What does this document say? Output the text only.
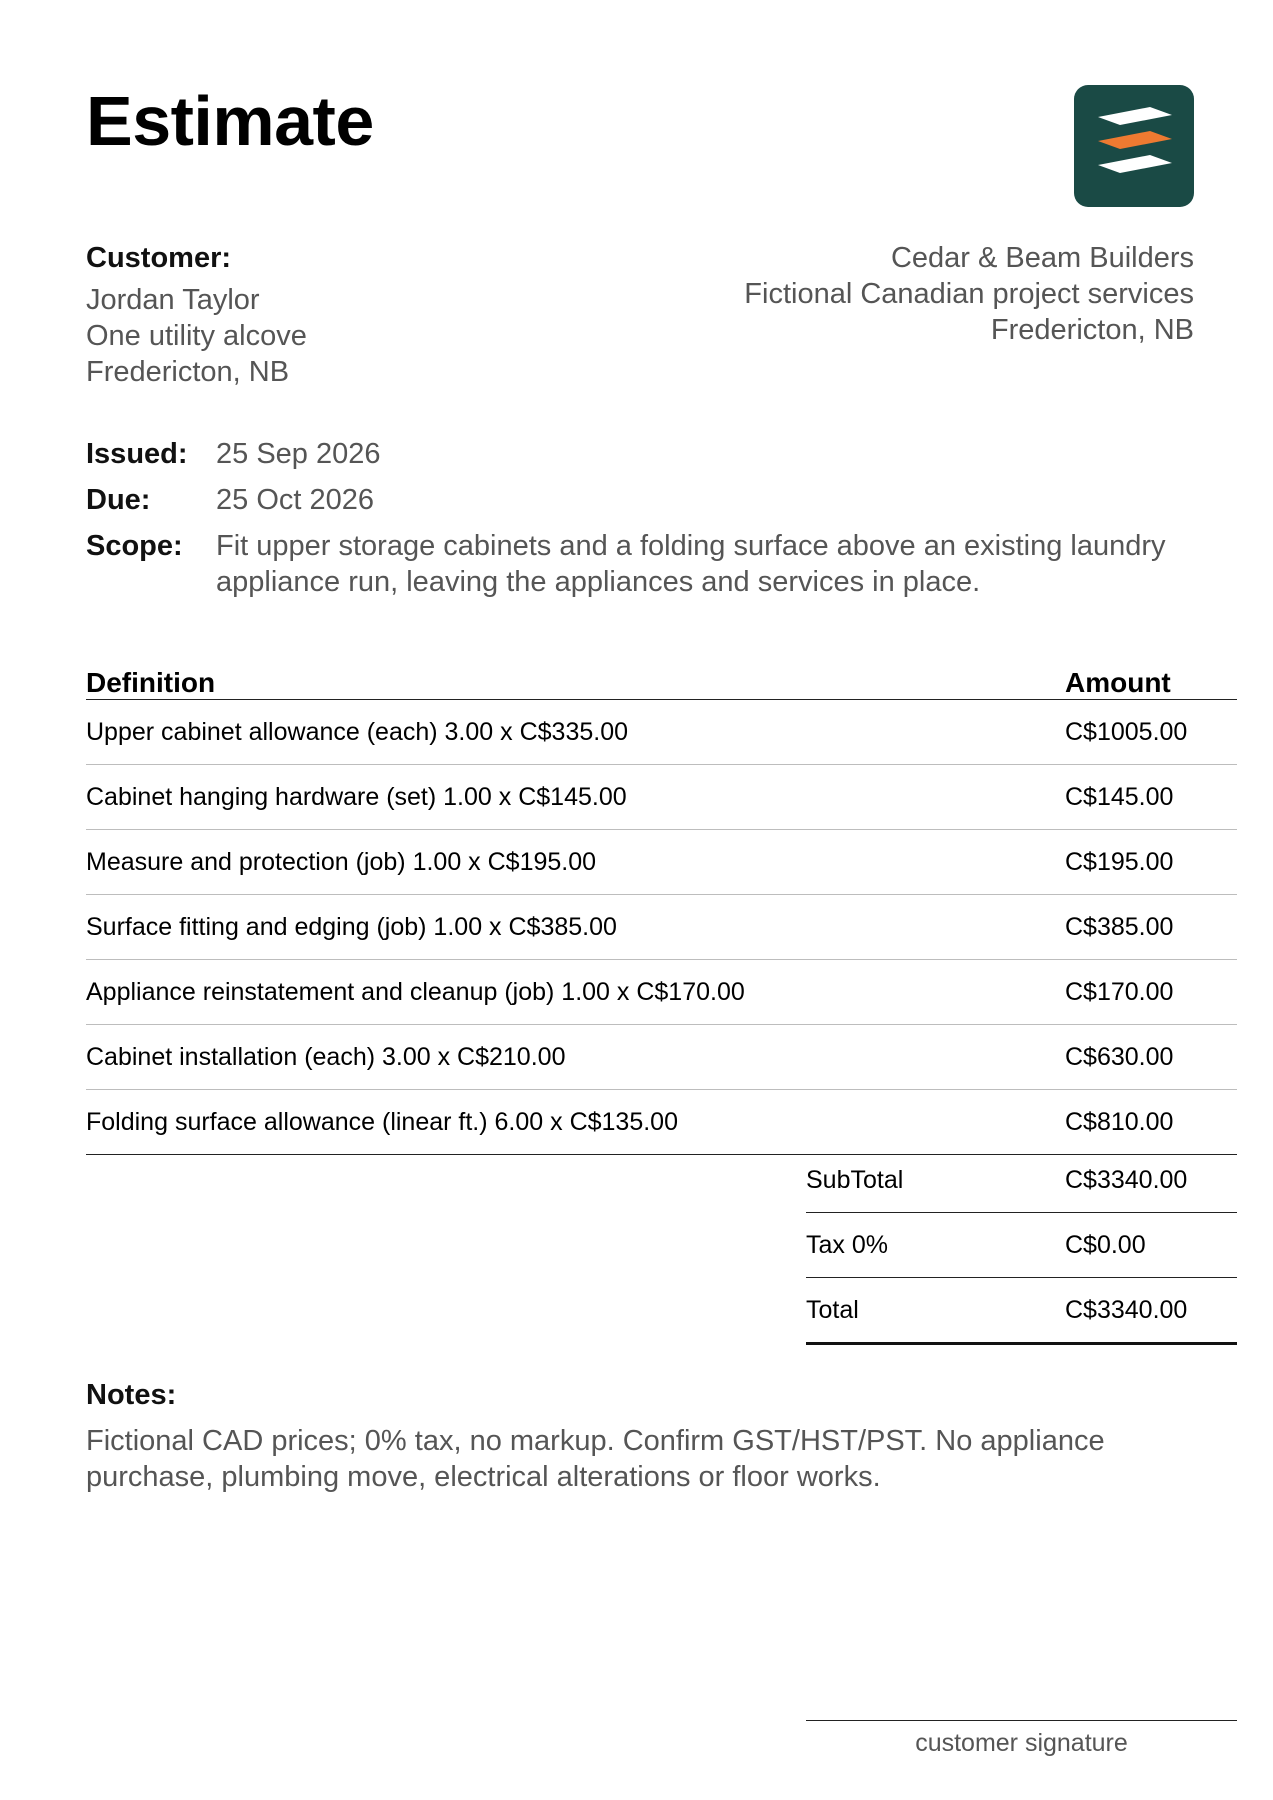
Estimate
Customer:
Jordan Taylor
One utility alcove
Fredericton, NB
Cedar & Beam Builders
Fictional Canadian project services
Fredericton, NB
Issued: 25 Sep 2026
Due:	25 Oct 2026
Scope:	Fit upper storage cabinets and a folding surface above an existing laundry appliance run, leaving the appliances and services in place.
Definition	Amount
Upper cabinet allowance (each) 3.00 x C$335.00	C$1005.00
Cabinet hanging hardware (set) 1.00 x C$145.00	C$145.00
Measure and protection (job) 1.00 x C$195.00	C$195.00
Surface fitting and edging (job) 1.00 x C$385.00	C$385.00
Appliance reinstatement and cleanup (job) 1.00 x C$170.00	C$170.00
Cabinet installation (each) 3.00 x C$210.00	C$630.00
Folding surface allowance (linear ft.) 6.00 x C$135.00	C$810.00
SubTotal	C$3340.00
Tax 0%	C$0.00
Total	C$3340.00
Notes:
Fictional CAD prices; 0% tax, no markup. Confirm GST/HST/PST. No appliance purchase, plumbing move, electrical alterations or floor works.
customer signature
